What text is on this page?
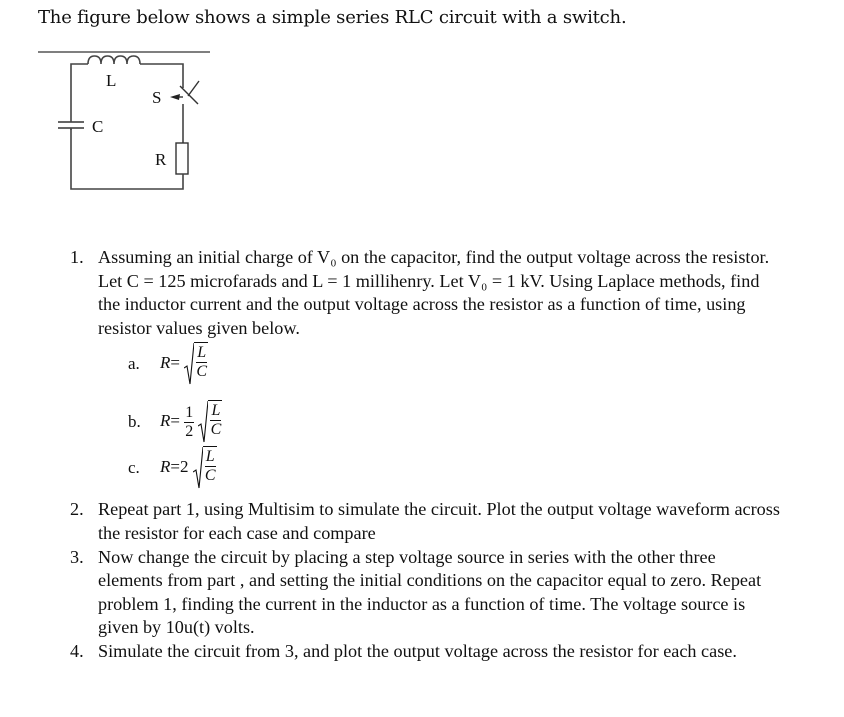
The figure below shows a simple series RLC circuit with a switch.
L
S
C
R
1. Assuming an initial charge of V₀ on the capacitor, find the output voltage across the resistor. Let C = 125 microfarads and L = 1 millihenry. Let V₀ = 1 kV. Using Laplace methods, find the inductor current and the output voltage across the resistor as a function of time, using resistor values given below.
a. $R= \frac{L}{C}$
b. $R= \frac{1}{2}$
$\frac{L}{C}$
c. $R=2 \frac{L}{C}$
2. Repeat part 1, using Multisim to simulate the circuit. Plot the output voltage waveform across the resistor for each case and compare
3. Now change the circuit by placing a step voltage source in series with the other three elements from part , and setting the initial conditions on the capacitor equal to zero. Repeat problem 1, finding the current in the inductor as a function of time. The voltage source is given by 10u(t) volts.
4. Simulate the circuit from 3, and plot the output voltage across the resistor for each case.
